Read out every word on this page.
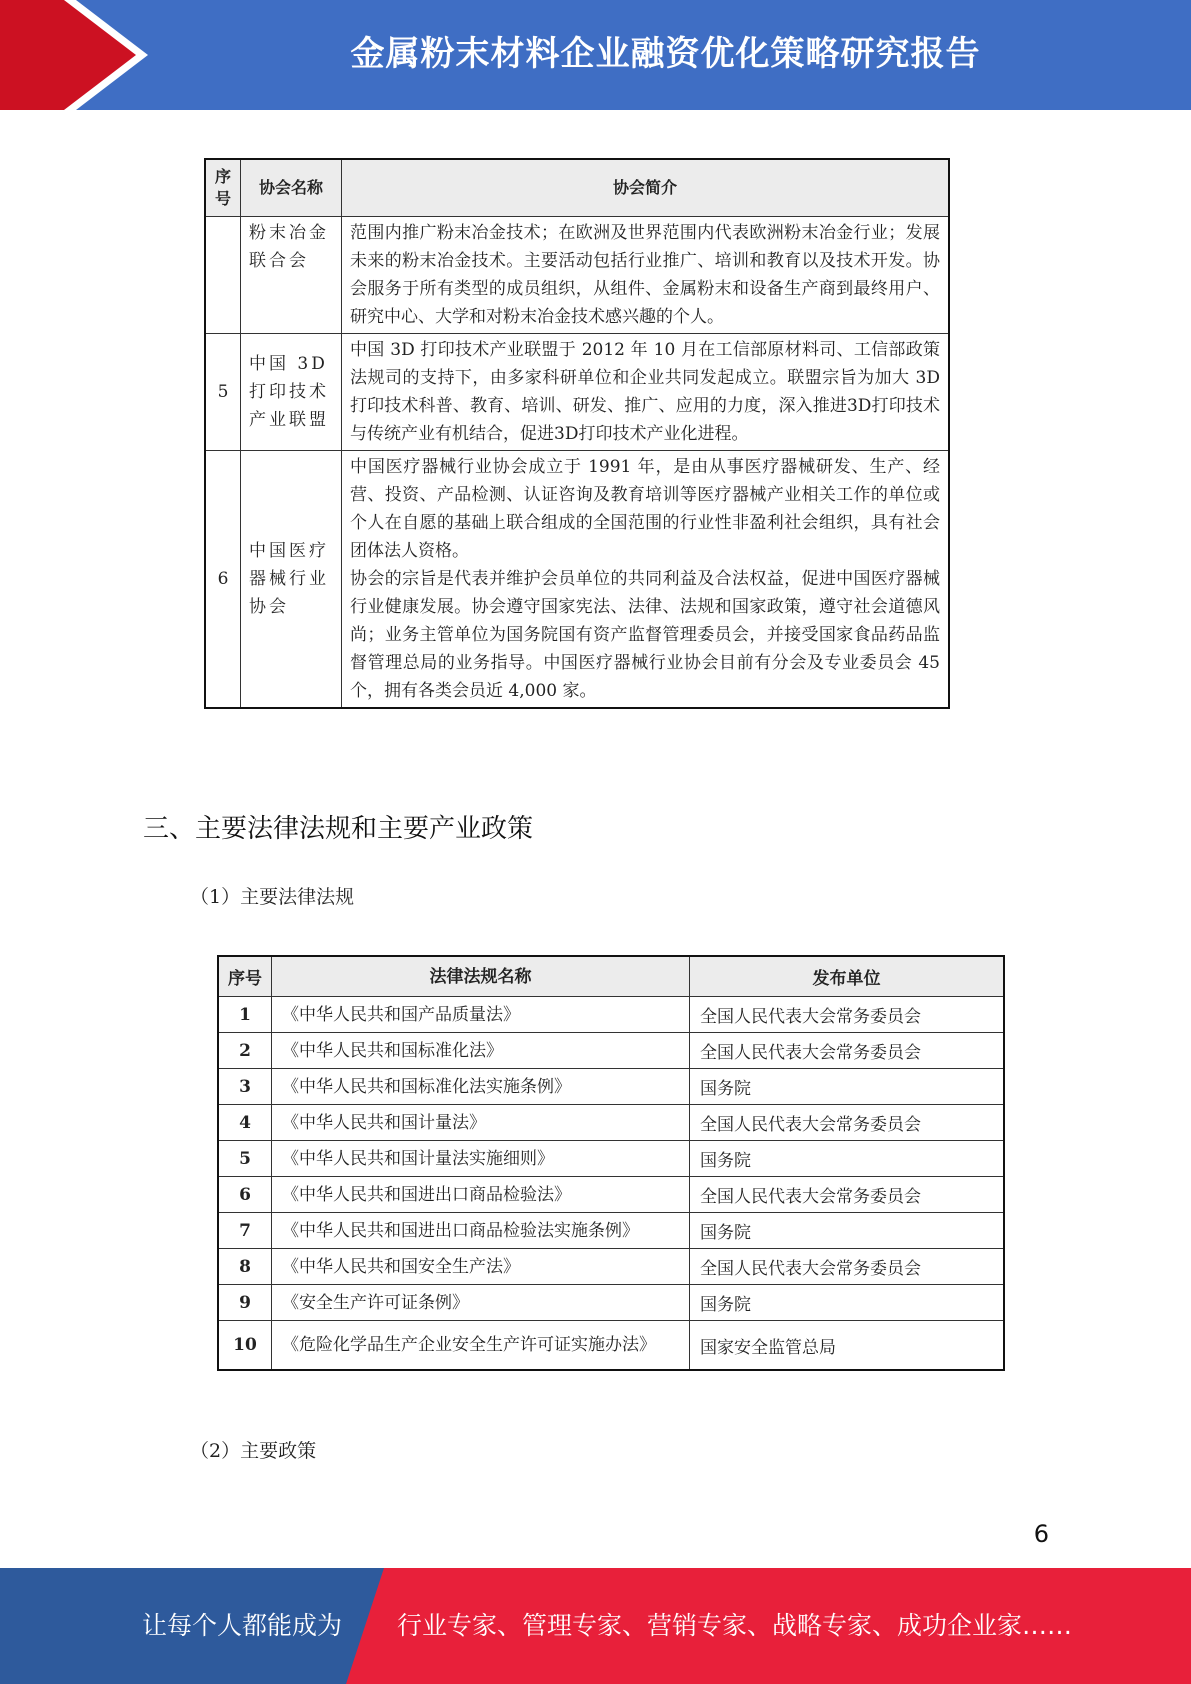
金属粉末材料企业融资优化策略研究报告
序号	协会名称	协会简介
	粉末冶金联合会	范围内推广粉末冶金技术；在欧洲及世界范围内代表欧洲粉末冶金行业；发展未来的粉末冶金技术。主要活动包括行业推广、培训和教育以及技术开发。协会服务于所有类型的成员组织，从组件、金属粉末和设备生产商到最终用户、研究中心、大学和对粉末冶金技术感兴趣的个人。
5	中国 3D 打印技术产业联盟	中国 3D 打印技术产业联盟于 2012 年 10 月在工信部原材料司、工信部政策法规司的支持下，由多家科研单位和企业共同发起成立。联盟宗旨为加大 3D 打印技术科普、教育、培训、研发、推广、应用的力度，深入推进3D打印技术与传统产业有机结合，促进3D打印技术产业化进程。
6	中国医疗器械行业协会	中国医疗器械行业协会成立于 1991 年，是由从事医疗器械研发、生产、经营、投资、产品检测、认证咨询及教育培训等医疗器械产业相关工作的单位或个人在自愿的基础上联合组成的全国范围的行业性非盈利社会组织，具有社会团体法人资格。
协会的宗旨是代表并维护会员单位的共同利益及合法权益，促进中国医疗器械行业健康发展。协会遵守国家宪法、法律、法规和国家政策，遵守社会道德风尚；业务主管单位为国务院国有资产监督管理委员会，并接受国家食品药品监督管理总局的业务指导。中国医疗器械行业协会目前有分会及专业委员会 45 个，拥有各类会员近 4,000 家。
三、主要法律法规和主要产业政策
（1）主要法律法规
序号	法律法规名称	发布单位
1	《中华人民共和国产品质量法》	全国人民代表大会常务委员会
2	《中华人民共和国标准化法》	全国人民代表大会常务委员会
3	《中华人民共和国标准化法实施条例》	国务院
4	《中华人民共和国计量法》	全国人民代表大会常务委员会
5	《中华人民共和国计量法实施细则》	国务院
6	《中华人民共和国进出口商品检验法》	全国人民代表大会常务委员会
7	《中华人民共和国进出口商品检验法实施条例》	国务院
8	《中华人民共和国安全生产法》	全国人民代表大会常务委员会
9	《安全生产许可证条例》	国务院
10	《危险化学品生产企业安全生产许可证实施办法》	国家安全监管总局
（2）主要政策
6
让每个人都能成为 行业专家、管理专家、营销专家、战略专家、成功企业家……
